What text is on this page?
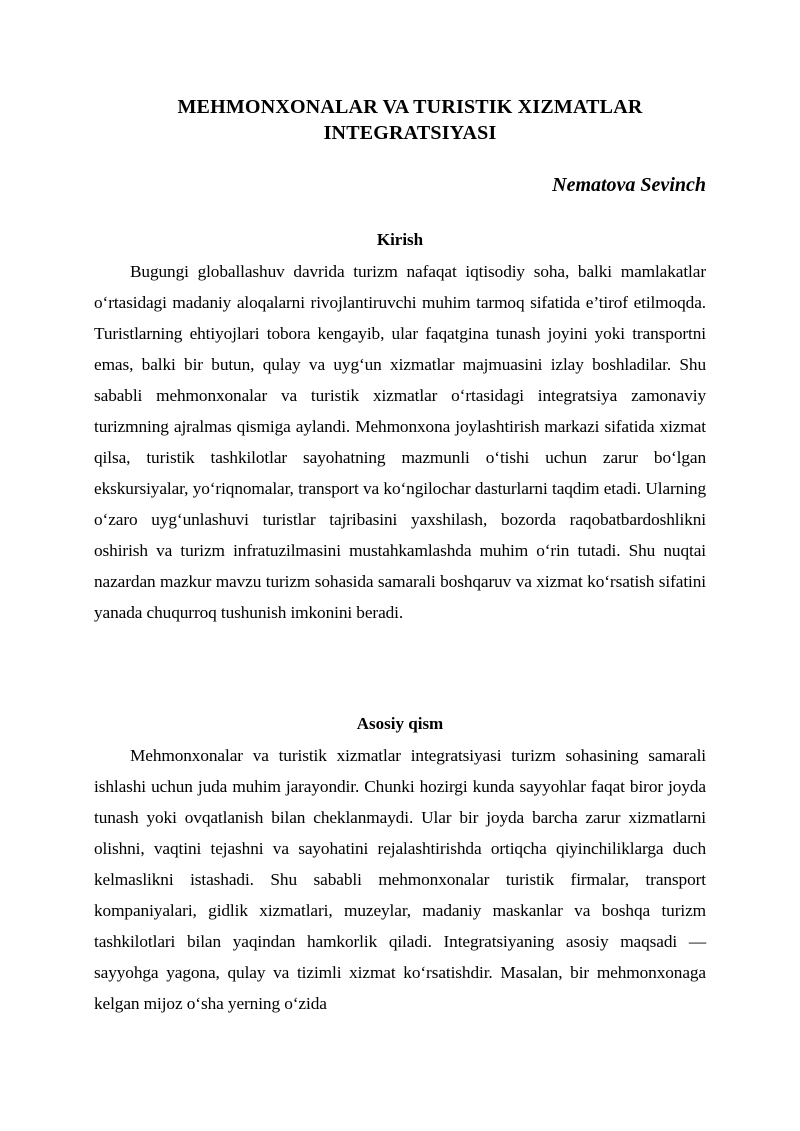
MEHMONXONALAR VA TURISTIK XIZMATLAR
INTEGRATSIYASI
Nematova Sevinch
Kirish

Bugungi globallashuv davrida turizm nafaqat iqtisodiy soha, balki mamlakatlar o‘rtasidagi madaniy aloqalarni rivojlantiruvchi muhim tarmoq sifatida e’tirof etilmoqda. Turistlarning ehtiyojlari tobora kengayib, ular faqatgina tunash joyini yoki transportni emas, balki bir butun, qulay va uyg‘un xizmatlar majmuasini izlay boshladilar. Shu sababli mehmonxonalar va turistik xizmatlar o‘rtasidagi integratsiya zamonaviy turizmning ajralmas qismiga aylandi. Mehmonxona joylashtirish markazi sifatida xizmat qilsa, turistik tashkilotlar sayohatning mazmunli o‘tishi uchun zarur bo‘lgan ekskursiyalar, yo‘riqnomalar, transport va ko‘ngilochar dasturlarni taqdim etadi. Ularning o‘zaro uyg‘unlashuvi turistlar tajribasini yaxshilash, bozorda raqobatbardoshlikni oshirish va turizm infratuzilmasini mustahkamlashda muhim o‘rin tutadi. Shu nuqtai nazardan mazkur mavzu turizm sohasida samarali boshqaruv va xizmat ko‘rsatish sifatini yanada chuqurroq tushunish imkonini beradi.

Asosiy qism

Mehmonxonalar va turistik xizmatlar integratsiyasi turizm sohasining samarali ishlashi uchun juda muhim jarayondir. Chunki hozirgi kunda sayyohlar faqat biror joyda tunash yoki ovqatlanish bilan cheklanmaydi. Ular bir joyda barcha zarur xizmatlarni olishni, vaqtini tejashni va sayohatini rejalashtirishda ortiqcha qiyinchiliklarga duch kelmaslikni istashadi. Shu sababli mehmonxonalar turistik firmalar, transport kompaniyalari, gidlik xizmatlari, muzeylar, madaniy maskanlar va boshqa turizm tashkilotlari bilan yaqindan hamkorlik qiladi. Integratsiyaning asosiy maqsadi — sayyohga yagona, qulay va tizimli xizmat ko‘rsatishdir. Masalan, bir mehmonxonaga kelgan mijoz o‘sha yerning o‘zida
